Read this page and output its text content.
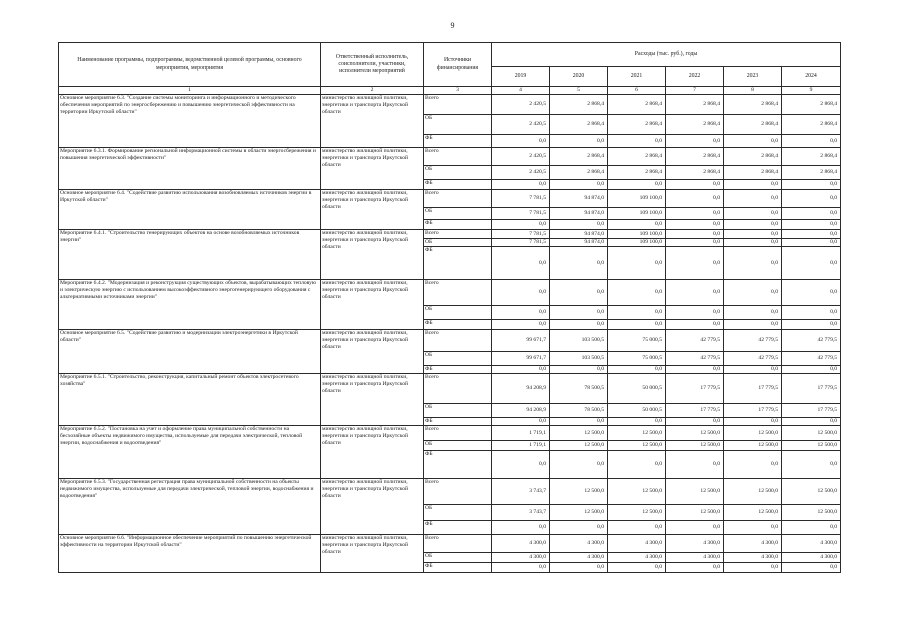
9
Наименование программы, подпрограммы, ведомственной целевой программы, основного мероприятия, мероприятия	Ответственный исполнитель, соисполнители, участники, исполнители мероприятий	Источники финансирования	Расходы (тыс. руб.), годы					
			2019	2020	2021	2022	2023	2024
1	2	3	4	5	6	7	8	9
Основное мероприятие 6.3. "Создание системы мониторинга и информационного и методического обеспечения мероприятий по энергосбережению и повышению энергетической эффективности на территории Иркутской области"	министерство жилищной политики, энергетики и транспорта Иркутской области	Всего	2 420,5	2 868,4	2 868,4	2 868,4	2 868,4	2 868,4
		ОБ	2 420,5	2 868,4	2 868,4	2 868,4	2 868,4	2 868,4
		ФБ	0,0	0,0	0,0	0,0	0,0	0,0
Мероприятие 6.3.1. Формирование региональной информационной системы в области энергосбережения и повышения энергетической эффективности"	министерство жилищной политики, энергетики и транспорта Иркутской области	Всего	2 420,5	2 868,4	2 868,4	2 868,4	2 868,4	2 868,4
		ОБ	2 420,5	2 868,4	2 868,4	2 868,4	2 868,4	2 868,4
		ФБ	0,0	0,0	0,0	0,0	0,0	0,0
Основное мероприятие 6.4. "Содействие развитию использования возобновляемых источников энергии в Иркутской области"	министерство жилищной политики, энергетики и транспорта Иркутской области	Всего	7 781,5	94 874,0	109 100,0	0,0	0,0	0,0
		ОБ	7 781,5	94 874,0	109 100,0	0,0	0,0	0,0
		ФБ	0,0	0,0	0,0	0,0	0,0	0,0
Мероприятие 6.4.1. "Строительство генерирующих объектов на основе возобновляемых источников энергии"	министерство жилищной политики, энергетики и транспорта Иркутской области	Всего	7 781,5	94 874,0	109 100,0	0,0	0,0	0,0
		ОБ	7 781,5	94 874,0	109 100,0	0,0	0,0	0,0
		ФБ	0,0	0,0	0,0	0,0	0,0	0,0
Мероприятие 6.4.2. "Модернизация и реконструкция существующих объектов, вырабатывающих тепловую и электрическую энергию с использованием высокоэффективного энергогенерирующего оборудования с альтернативными источниками энергии"	министерство жилищной политики, энергетики и транспорта Иркутской области	Всего	0,0	0,0	0,0	0,0	0,0	0,0
		ОБ	0,0	0,0	0,0	0,0	0,0	0,0
		ФБ	0,0	0,0	0,0	0,0	0,0	0,0
Основное мероприятие 6.5. "Содействие развитию и модернизации электроэнергетики в Иркутской области"	министерство жилищной политики, энергетики и транспорта Иркутской области	Всего	99 671,7	103 500,5	75 000,5	42 779,5	42 779,5	42 779,5
		ОБ	99 671,7	103 500,5	75 000,5	42 779,5	42 779,5	42 779,5
		ФБ	0,0	0,0	0,0	0,0	0,0	0,0
Мероприятие 6.5.1. "Строительство, реконструкция, капитальный ремонт объектов электросетевого хозяйства"	министерство жилищной политики, энергетики и транспорта Иркутской области	Всего	94 208,9	78 500,5	50 000,5	17 779,5	17 779,5	17 779,5
		ОБ	94 208,9	78 500,5	50 000,5	17 779,5	17 779,5	17 779,5
		ФБ	0,0	0,0	0,0	0,0	0,0	0,0
Мероприятие 6.5.2. "Постановка на учет и оформление права муниципальной собственности на бесхозяйные объекты недвижимого имущества, используемые для передачи электрической, тепловой энергии, водоснабжения и водоотведения"	министерство жилищной политики, энергетики и транспорта Иркутской области	Всего	1 719,1	12 500,0	12 500,0	12 500,0	12 500,0	12 500,0
		ОБ	1 719,1	12 500,0	12 500,0	12 500,0	12 500,0	12 500,0
		ФБ	0,0	0,0	0,0	0,0	0,0	0,0
Мероприятие 6.5.3. "Государственная регистрация права муниципальной собственности на объекты недвижимого имущества, используемые для передачи электрической, тепловой энергии, водоснабжения и водоотведения"	министерство жилищной политики, энергетики и транспорта Иркутской области	Всего	3 743,7	12 500,0	12 500,0	12 500,0	12 500,0	12 500,0
		ОБ	3 743,7	12 500,0	12 500,0	12 500,0	12 500,0	12 500,0
		ФБ	0,0	0,0	0,0	0,0	0,0	0,0
Основное мероприятие 6.6. "Информационное обеспечение мероприятий по повышению энергетической эффективности на территории Иркутской области"	министерство жилищной политики, энергетики и транспорта Иркутской области	Всего	4 300,0	4 300,0	4 300,0	4 300,0	4 300,0	4 300,0
		ОБ	4 300,0	4 300,0	4 300,0	4 300,0	4 300,0	4 300,0
		ФБ	0,0	0,0	0,0	0,0	0,0	0,0
